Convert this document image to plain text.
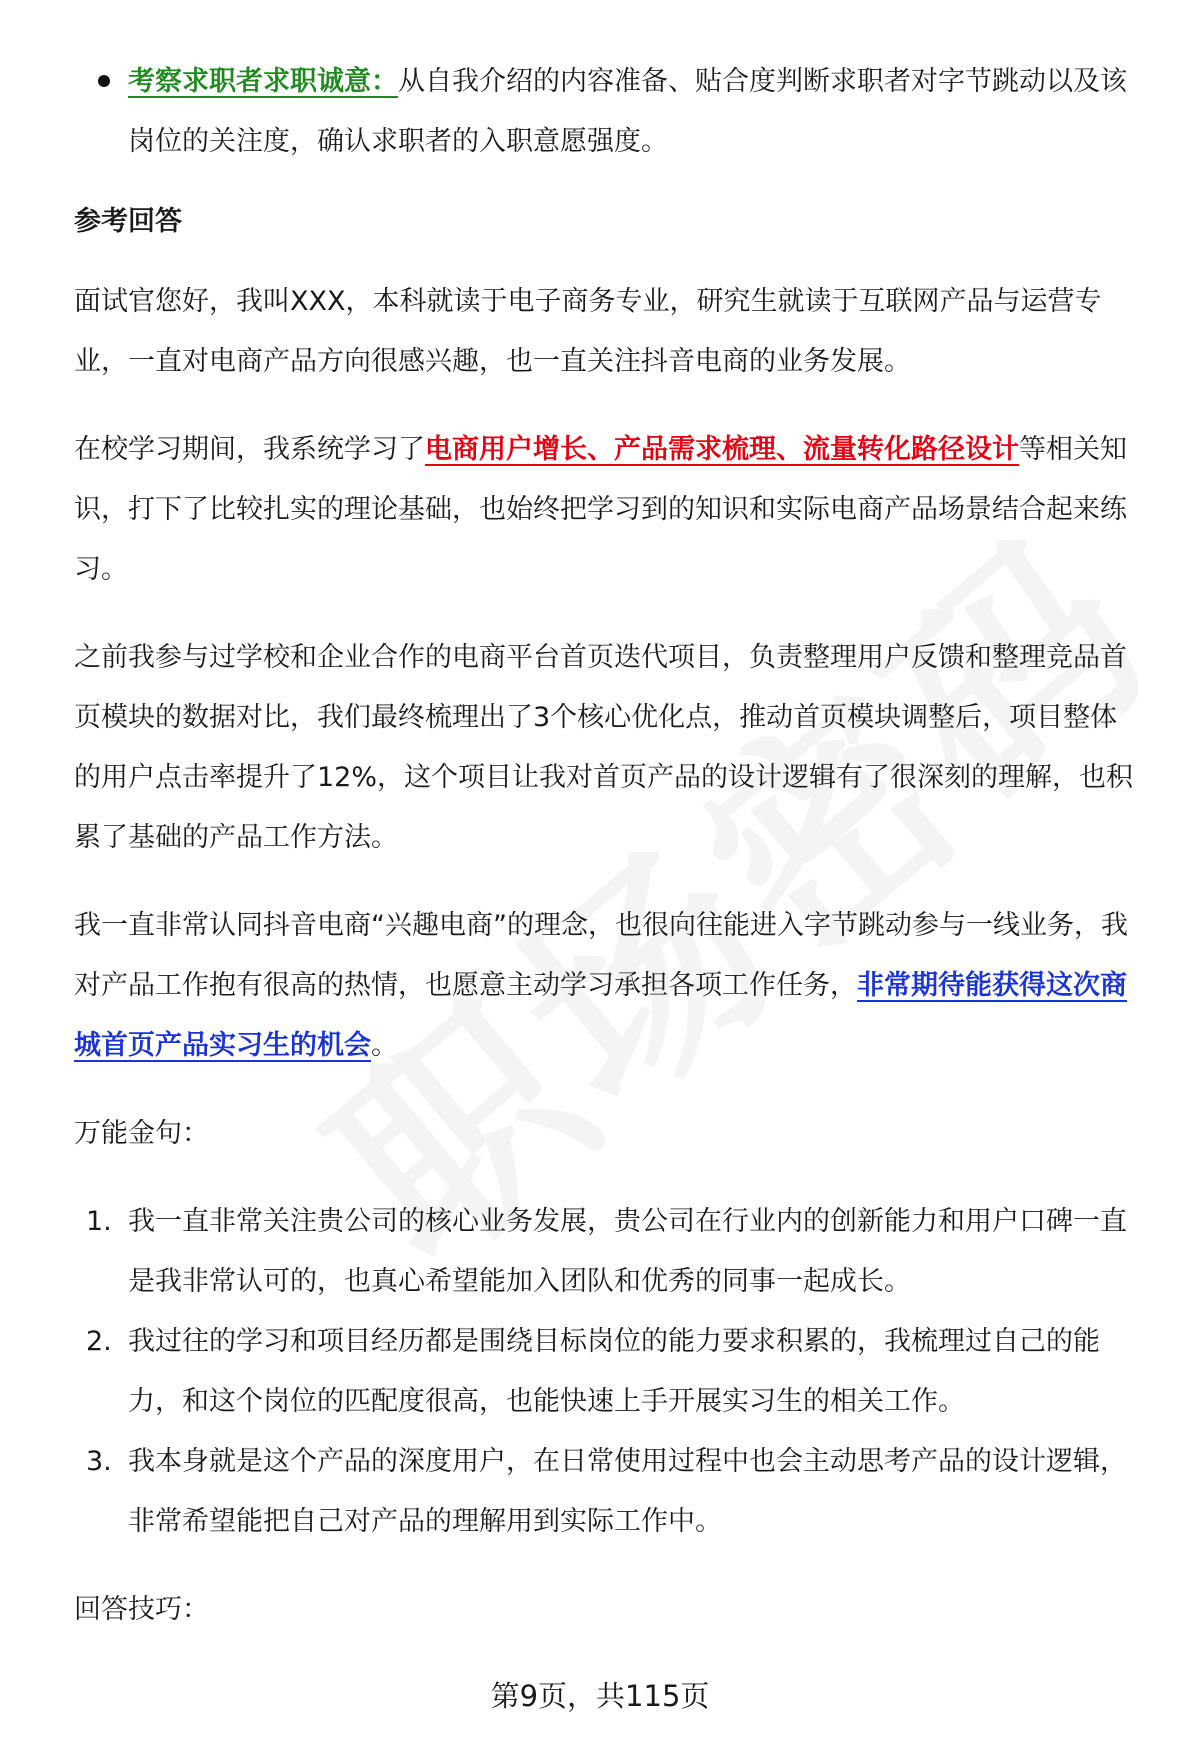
考察求职者求职诚意：从自我介绍的内容准备、贴合度判断求职者对字节跳动以及该岗位的关注度，确认求职者的入职意愿强度。
参考回答

面试官您好，我叫XXX，本科就读于电子商务专业，研究生就读于互联网产品与运营专业，一直对电商产品方向很感兴趣，也一直关注抖音电商的业务发展。

在校学习期间，我系统学习了电商用户增长、产品需求梳理、流量转化路径设计等相关知识，打下了比较扎实的理论基础，也始终把学习到的知识和实际电商产品场景结合起来练习。

之前我参与过学校和企业合作的电商平台首页迭代项目，负责整理用户反馈和整理竞品首页模块的数据对比，我们最终梳理出了3个核心优化点，推动首页模块调整后，项目整体的用户点击率提升了12%，这个项目让我对首页产品的设计逻辑有了很深刻的理解，也积累了基础的产品工作方法。

我一直非常认同抖音电商“兴趣电商”的理念，也很向往能进入字节跳动参与一线业务，我对产品工作抱有很高的热情，也愿意主动学习承担各项工作任务，非常期待能获得这次商城首页产品实习生的机会。

万能金句：

1. 我一直非常关注贵公司的核心业务发展，贵公司在行业内的创新能力和用户口碑一直是我非常认可的，也真心希望能加入团队和优秀的同事一起成长。
2. 我过往的学习和项目经历都是围绕目标岗位的能力要求积累的，我梳理过自己的能力，和这个岗位的匹配度很高，也能快速上手开展实习生的相关工作。
3. 我本身就是这个产品的深度用户，在日常使用过程中也会主动思考产品的设计逻辑，非常希望能把自己对产品的理解用到实际工作中。

回答技巧：

第9页，共115页
